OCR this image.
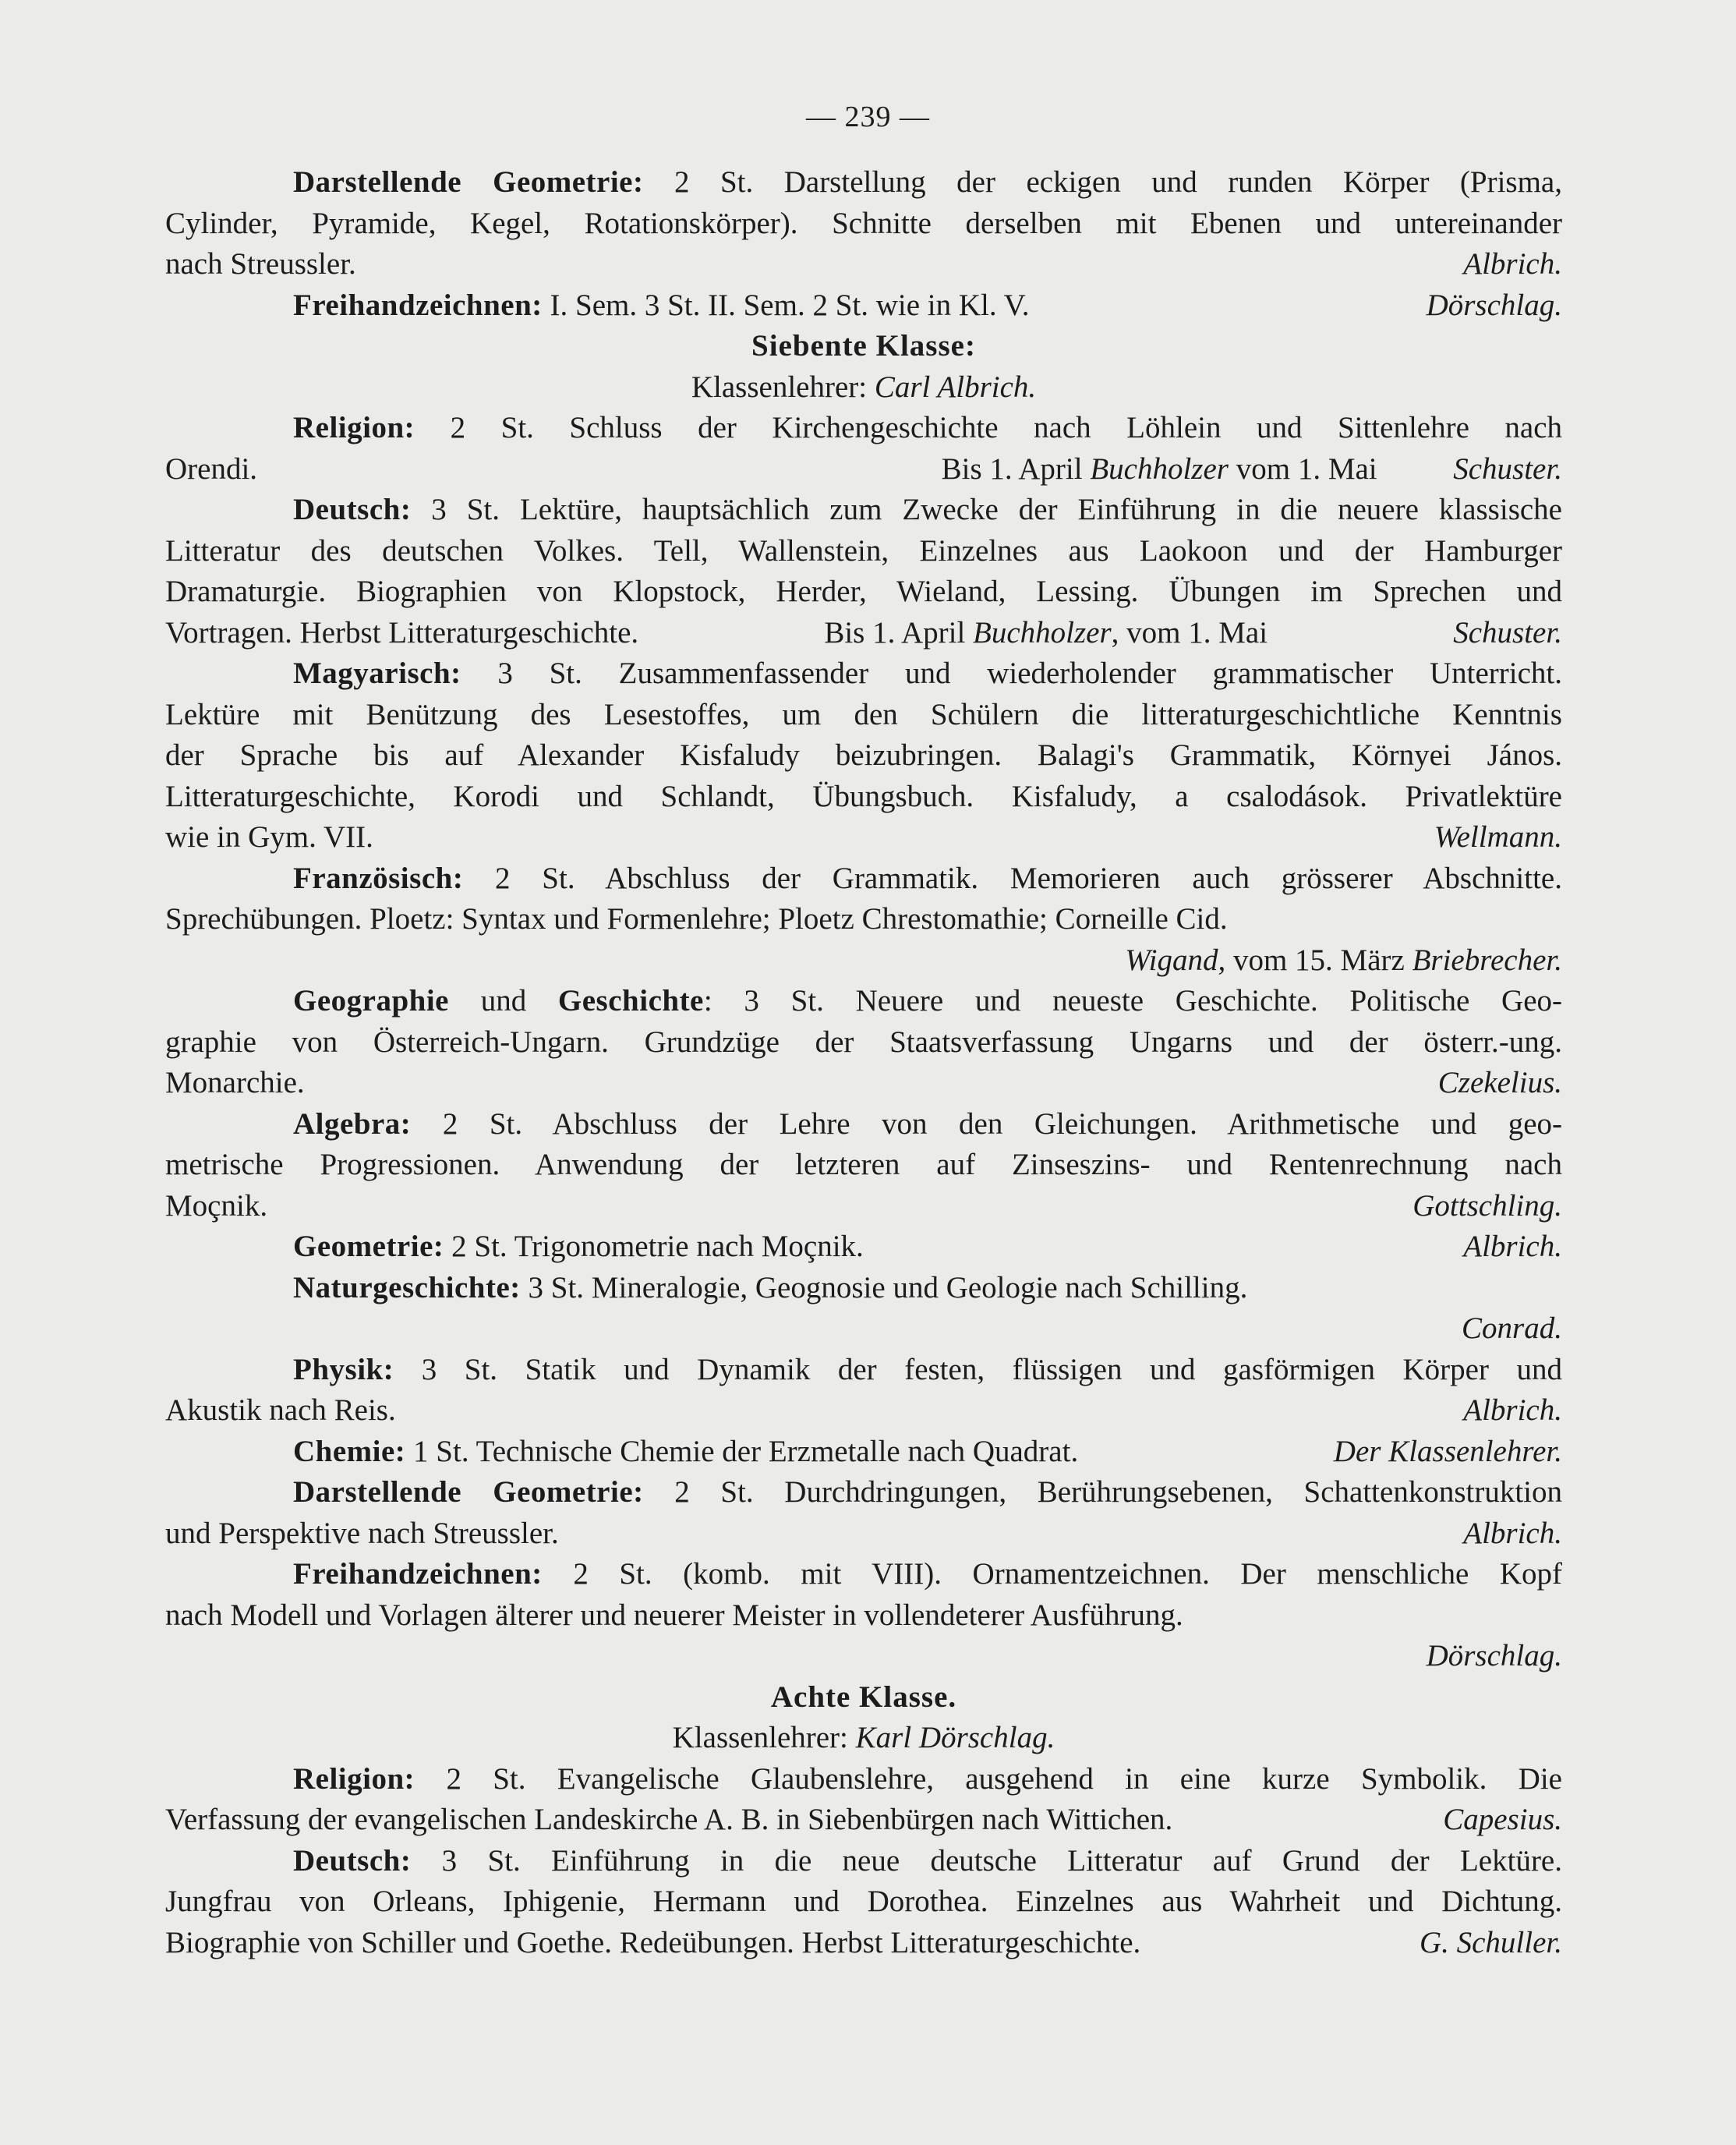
— 239 —

Darstellende Geometrie: 2 St. Darstellung der eckigen und runden Körper (Prisma,

Cylinder, Pyramide, Kegel, Rotationskörper). Schnitte derselben mit Ebenen und untereinander

nach Streussler.	Albrich.

Freihandzeichnen: I. Sem. 3 St. II. Sem. 2 St. wie in Kl. V.	Dörschlag.

Siebente Klasse:

Klassenlehrer: Carl Albrich.

Religion: 2 St. Schluss der Kirchengeschichte nach Löhlein und Sittenlehre nach

Orendi.	Bis 1. April Buchholzer vom 1. Mai	Schuster.

Deutsch: 3 St. Lektüre, hauptsächlich zum Zwecke der Einführung in die neuere klassische

Litteratur des deutschen Volkes. Tell, Wallenstein, Einzelnes aus Laokoon und der Hamburger

Dramaturgie. Biographien von Klopstock, Herder, Wieland, Lessing. Übungen im Sprechen und

Vortragen. Herbst Litteraturgeschichte.	Bis 1. April Buchholzer, vom 1. Mai	Schuster.

Magyarisch: 3 St. Zusammenfassender und wiederholender grammatischer Unterricht.

Lektüre mit Benützung des Lesestoffes, um den Schülern die litteraturgeschichtliche Kenntnis

der Sprache bis auf Alexander Kisfaludy beizubringen. Balagi's Grammatik, Környei János.

Litteraturgeschichte, Korodi und Schlandt, Übungsbuch. Kisfaludy, a csalodások. Privatlektüre

wie in Gym. VII.	Wellmann.

Französisch: 2 St. Abschluss der Grammatik. Memorieren auch grösserer Abschnitte.

Sprechübungen. Ploetz: Syntax und Formenlehre; Ploetz Chrestomathie; Corneille Cid.

Wigand, vom 15. März Briebrecher.

Geographie und Geschichte: 3 St. Neuere und neueste Geschichte. Politische Geo-

graphie von Österreich-Ungarn. Grundzüge der Staatsverfassung Ungarns und der österr.-ung.

Monarchie.	Czekelius.

Algebra: 2 St. Abschluss der Lehre von den Gleichungen. Arithmetische und geo-

metrische Progressionen. Anwendung der letzteren auf Zinseszins- und Rentenrechnung nach

Moçnik.	Gottschling.

Geometrie: 2 St. Trigonometrie nach Moçnik.	Albrich.

Naturgeschichte: 3 St. Mineralogie, Geognosie und Geologie nach Schilling.

Conrad.

Physik: 3 St. Statik und Dynamik der festen, flüssigen und gasförmigen Körper und

Akustik nach Reis.	Albrich.

Chemie: 1 St. Technische Chemie der Erzmetalle nach Quadrat.	Der Klassenlehrer.

Darstellende Geometrie: 2 St. Durchdringungen, Berührungsebenen, Schattenkonstruktion

und Perspektive nach Streussler.	Albrich.

Freihandzeichnen: 2 St. (komb. mit VIII). Ornamentzeichnen. Der menschliche Kopf

nach Modell und Vorlagen älterer und neuerer Meister in vollendeterer Ausführung.

Dörschlag.

Achte Klasse.

Klassenlehrer: Karl Dörschlag.

Religion: 2 St. Evangelische Glaubenslehre, ausgehend in eine kurze Symbolik. Die

Verfassung der evangelischen Landeskirche A. B. in Siebenbürgen nach Wittichen.	Capesius.

Deutsch: 3 St. Einführung in die neue deutsche Litteratur auf Grund der Lektüre.

Jungfrau von Orleans, Iphigenie, Hermann und Dorothea. Einzelnes aus Wahrheit und Dichtung.

Biographie von Schiller und Goethe. Redeübungen. Herbst Litteraturgeschichte.	G. Schuller.
